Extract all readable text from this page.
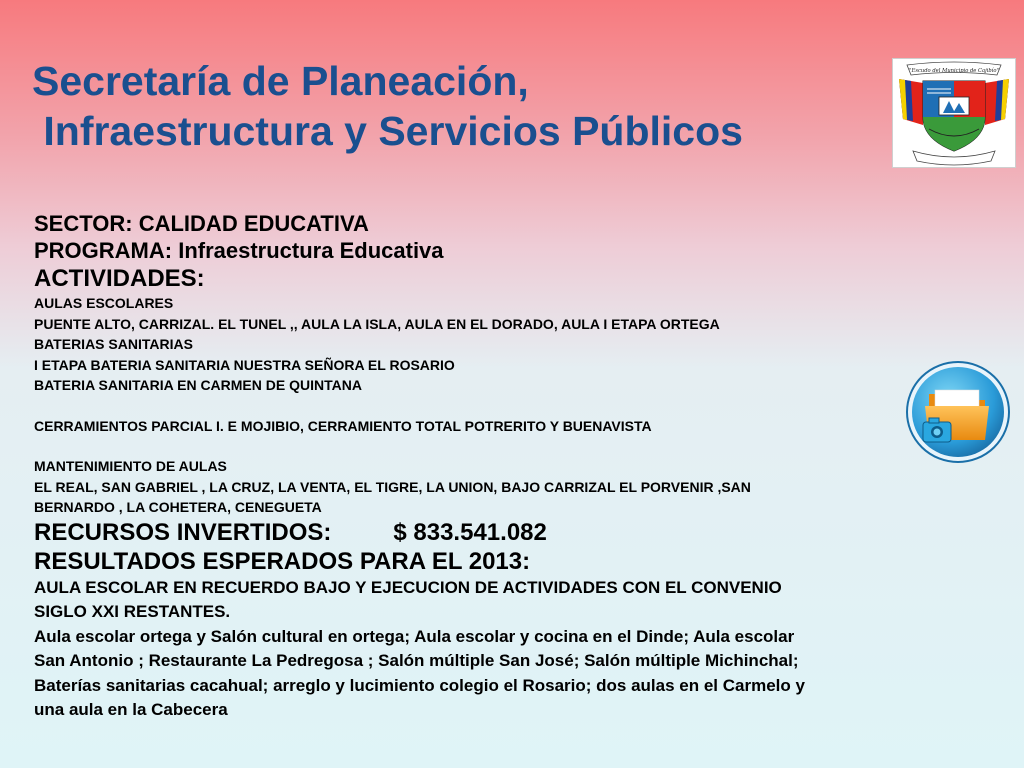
Secretaría de Planeación,
Infraestructura y Servicios Públicos
"Escudo del Municipio de Cajibío"
SECTOR: CALIDAD EDUCATIVA
PROGRAMA: Infraestructura Educativa
ACTIVIDADES:
AULAS ESCOLARES
PUENTE ALTO, CARRIZAL. EL TUNEL ,, AULA LA ISLA, AULA EN EL DORADO, AULA I ETAPA ORTEGA
BATERIAS SANITARIAS
I ETAPA BATERIA SANITARIA NUESTRA SEÑORA EL ROSARIO
BATERIA SANITARIA EN CARMEN DE QUINTANA
CERRAMIENTOS PARCIAL I. E MOJIBIO, CERRAMIENTO TOTAL POTRERITO Y BUENAVISTA
MANTENIMIENTO DE AULAS
EL REAL, SAN GABRIEL , LA CRUZ, LA VENTA, EL TIGRE, LA UNION, BAJO CARRIZAL EL PORVENIR ,SAN
BERNARDO , LA COHETERA, CENEGUETA
RECURSOS INVERTIDOS:	$ 833.541.082
RESULTADOS ESPERADOS PARA EL 2013:
AULA ESCOLAR EN RECUERDO BAJO Y EJECUCION DE ACTIVIDADES CON EL CONVENIO
SIGLO XXI RESTANTES.
Aula escolar ortega y Salón cultural en ortega; Aula escolar y cocina en el Dinde; Aula escolar
San Antonio ; Restaurante La Pedregosa ; Salón múltiple San José; Salón múltiple Michinchal;
Baterías sanitarias cacahual; arreglo y lucimiento colegio el Rosario; dos aulas en el Carmelo y
una aula en la Cabecera
